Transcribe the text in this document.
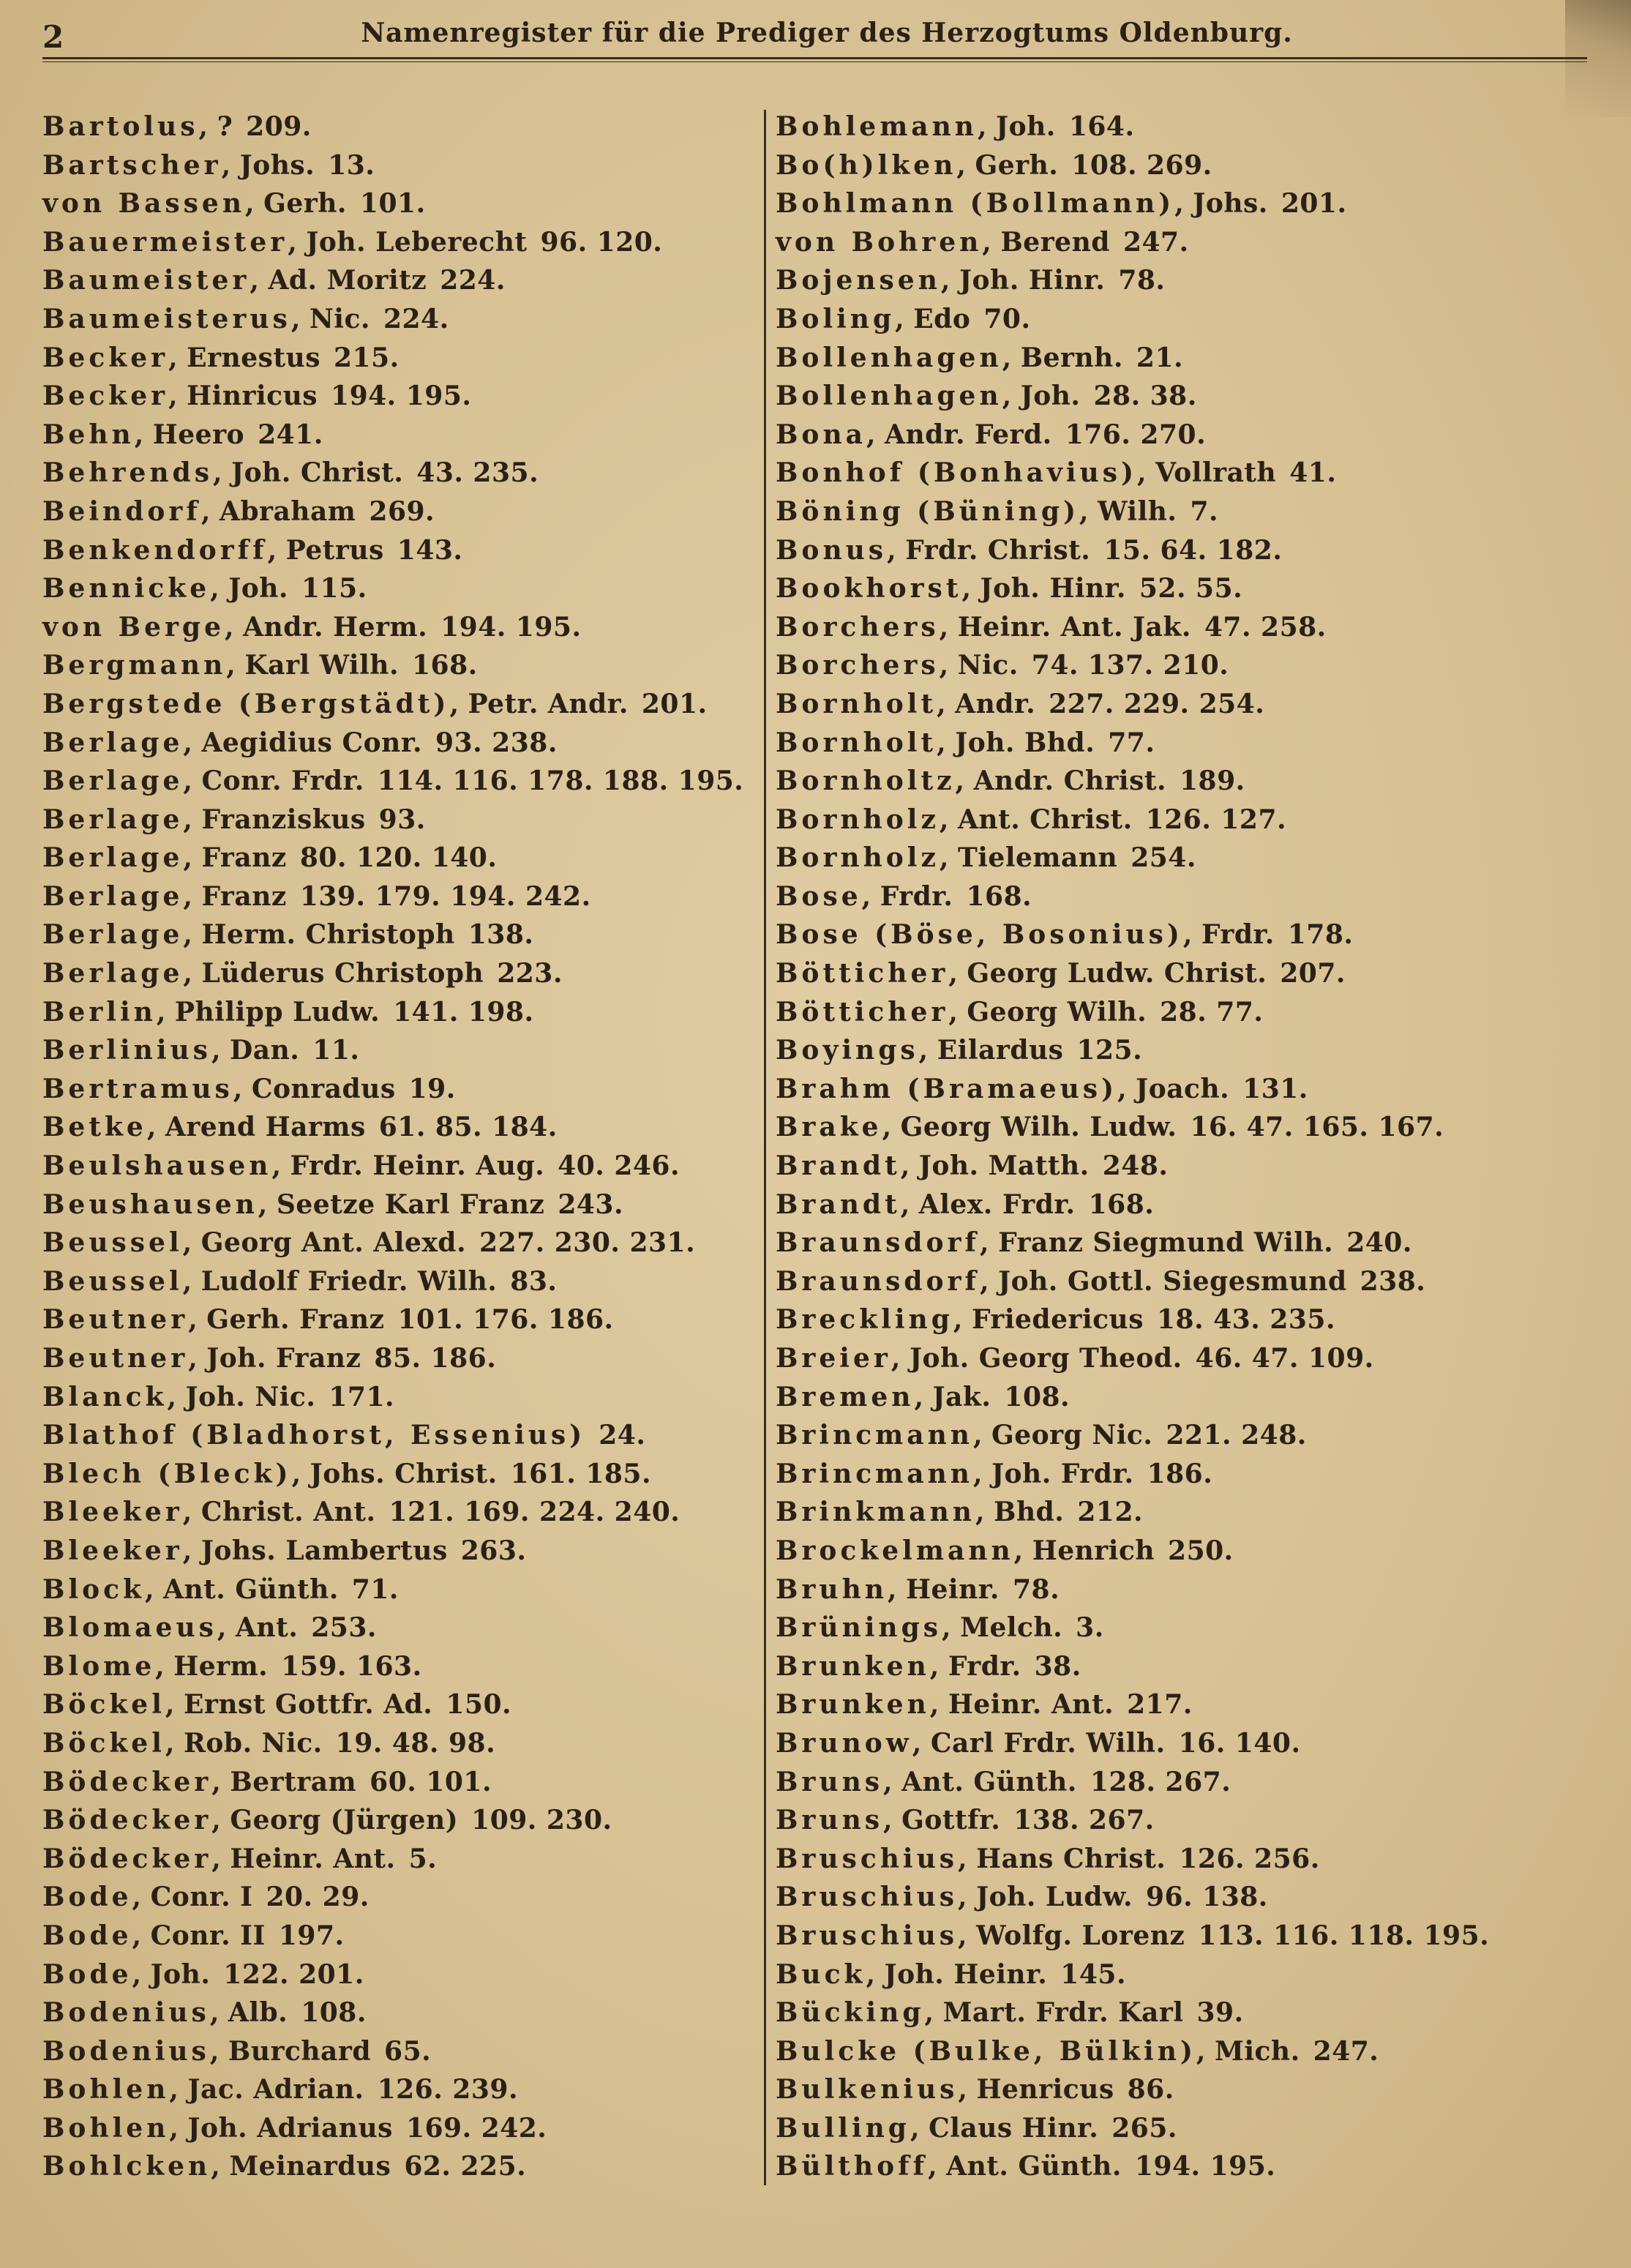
2	Namenregister für die Prediger des Herzogtums Oldenburg.
Bartolus, ? 209.
Bartscher, Johs. 13.
von Bassen, Gerh. 101.
Bauermeister, Joh. Leberecht 96. 120.
Baumeister, Ad. Moritz 224.
Baumeisterus, Nic. 224.
Becker, Ernestus 215.
Becker, Hinricus 194. 195.
Behn, Heero 241.
Behrends, Joh. Christ. 43. 235.
Beindorf, Abraham 269.
Benkendorff, Petrus 143.
Bennicke, Joh. 115.
von Berge, Andr. Herm. 194. 195.
Bergmann, Karl Wilh. 168.
Bergstede (Bergstädt), Petr. Andr. 201.
Berlage, Aegidius Conr. 93. 238.
Berlage, Conr. Frdr. 114. 116. 178. 188. 195.
Berlage, Franziskus 93.
Berlage, Franz 80. 120. 140.
Berlage, Franz 139. 179. 194. 242.
Berlage, Herm. Christoph 138.
Berlage, Lüderus Christoph 223.
Berlin, Philipp Ludw. 141. 198.
Berlinius, Dan. 11.
Bertramus, Conradus 19.
Betke, Arend Harms 61. 85. 184.
Beulshausen, Frdr. Heinr. Aug. 40. 246.
Beushausen, Seetze Karl Franz 243.
Beussel, Georg Ant. Alexd. 227. 230. 231.
Beussel, Ludolf Friedr. Wilh. 83.
Beutner, Gerh. Franz 101. 176. 186.
Beutner, Joh. Franz 85. 186.
Blanck, Joh. Nic. 171.
Blathof (Bladhorst, Essenius) 24.
Blech (Bleck), Johs. Christ. 161. 185.
Bleeker, Christ. Ant. 121. 169. 224. 240.
Bleeker, Johs. Lambertus 263.
Block, Ant. Günth. 71.
Blomaeus, Ant. 253.
Blome, Herm. 159. 163.
Böckel, Ernst Gottfr. Ad. 150.
Böckel, Rob. Nic. 19. 48. 98.
Bödecker, Bertram 60. 101.
Bödecker, Georg (Jürgen) 109. 230.
Bödecker, Heinr. Ant. 5.
Bode, Conr. I 20. 29.
Bode, Conr. II 197.
Bode, Joh. 122. 201.
Bodenius, Alb. 108.
Bodenius, Burchard 65.
Bohlen, Jac. Adrian. 126. 239.
Bohlen, Joh. Adrianus 169. 242.
Bohlcken, Meinardus 62. 225.
Bohlemann, Joh. 164.
Bo(h)lken, Gerh. 108. 269.
Bohlmann (Bollmann), Johs. 201.
von Bohren, Berend 247.
Bojensen, Joh. Hinr. 78.
Boling, Edo 70.
Bollenhagen, Bernh. 21.
Bollenhagen, Joh. 28. 38.
Bona, Andr. Ferd. 176. 270.
Bonhof (Bonhavius), Vollrath 41.
Böning (Büning), Wilh. 7.
Bonus, Frdr. Christ. 15. 64. 182.
Bookhorst, Joh. Hinr. 52. 55.
Borchers, Heinr. Ant. Jak. 47. 258.
Borchers, Nic. 74. 137. 210.
Bornholt, Andr. 227. 229. 254.
Bornholt, Joh. Bhd. 77.
Bornholtz, Andr. Christ. 189.
Bornholz, Ant. Christ. 126. 127.
Bornholz, Tielemann 254.
Bose, Frdr. 168.
Bose (Böse, Bosonius), Frdr. 178.
Bötticher, Georg Ludw. Christ. 207.
Bötticher, Georg Wilh. 28. 77.
Boyings, Eilardus 125.
Brahm (Bramaeus), Joach. 131.
Brake, Georg Wilh. Ludw. 16. 47. 165. 167.
Brandt, Joh. Matth. 248.
Brandt, Alex. Frdr. 168.
Braunsdorf, Franz Siegmund Wilh. 240.
Braunsdorf, Joh. Gottl. Siegesmund 238.
Breckling, Friedericus 18. 43. 235.
Breier, Joh. Georg Theod. 46. 47. 109.
Bremen, Jak. 108.
Brincmann, Georg Nic. 221. 248.
Brincmann, Joh. Frdr. 186.
Brinkmann, Bhd. 212.
Brockelmann, Henrich 250.
Bruhn, Heinr. 78.
Brünings, Melch. 3.
Brunken, Frdr. 38.
Brunken, Heinr. Ant. 217.
Brunow, Carl Frdr. Wilh. 16. 140.
Bruns, Ant. Günth. 128. 267.
Bruns, Gottfr. 138. 267.
Bruschius, Hans Christ. 126. 256.
Bruschius, Joh. Ludw. 96. 138.
Bruschius, Wolfg. Lorenz 113. 116. 118. 195.
Buck, Joh. Heinr. 145.
Bücking, Mart. Frdr. Karl 39.
Bulcke (Bulke, Bülkin), Mich. 247.
Bulkenius, Henricus 86.
Bulling, Claus Hinr. 265.
Bülthoff, Ant. Günth. 194. 195.
